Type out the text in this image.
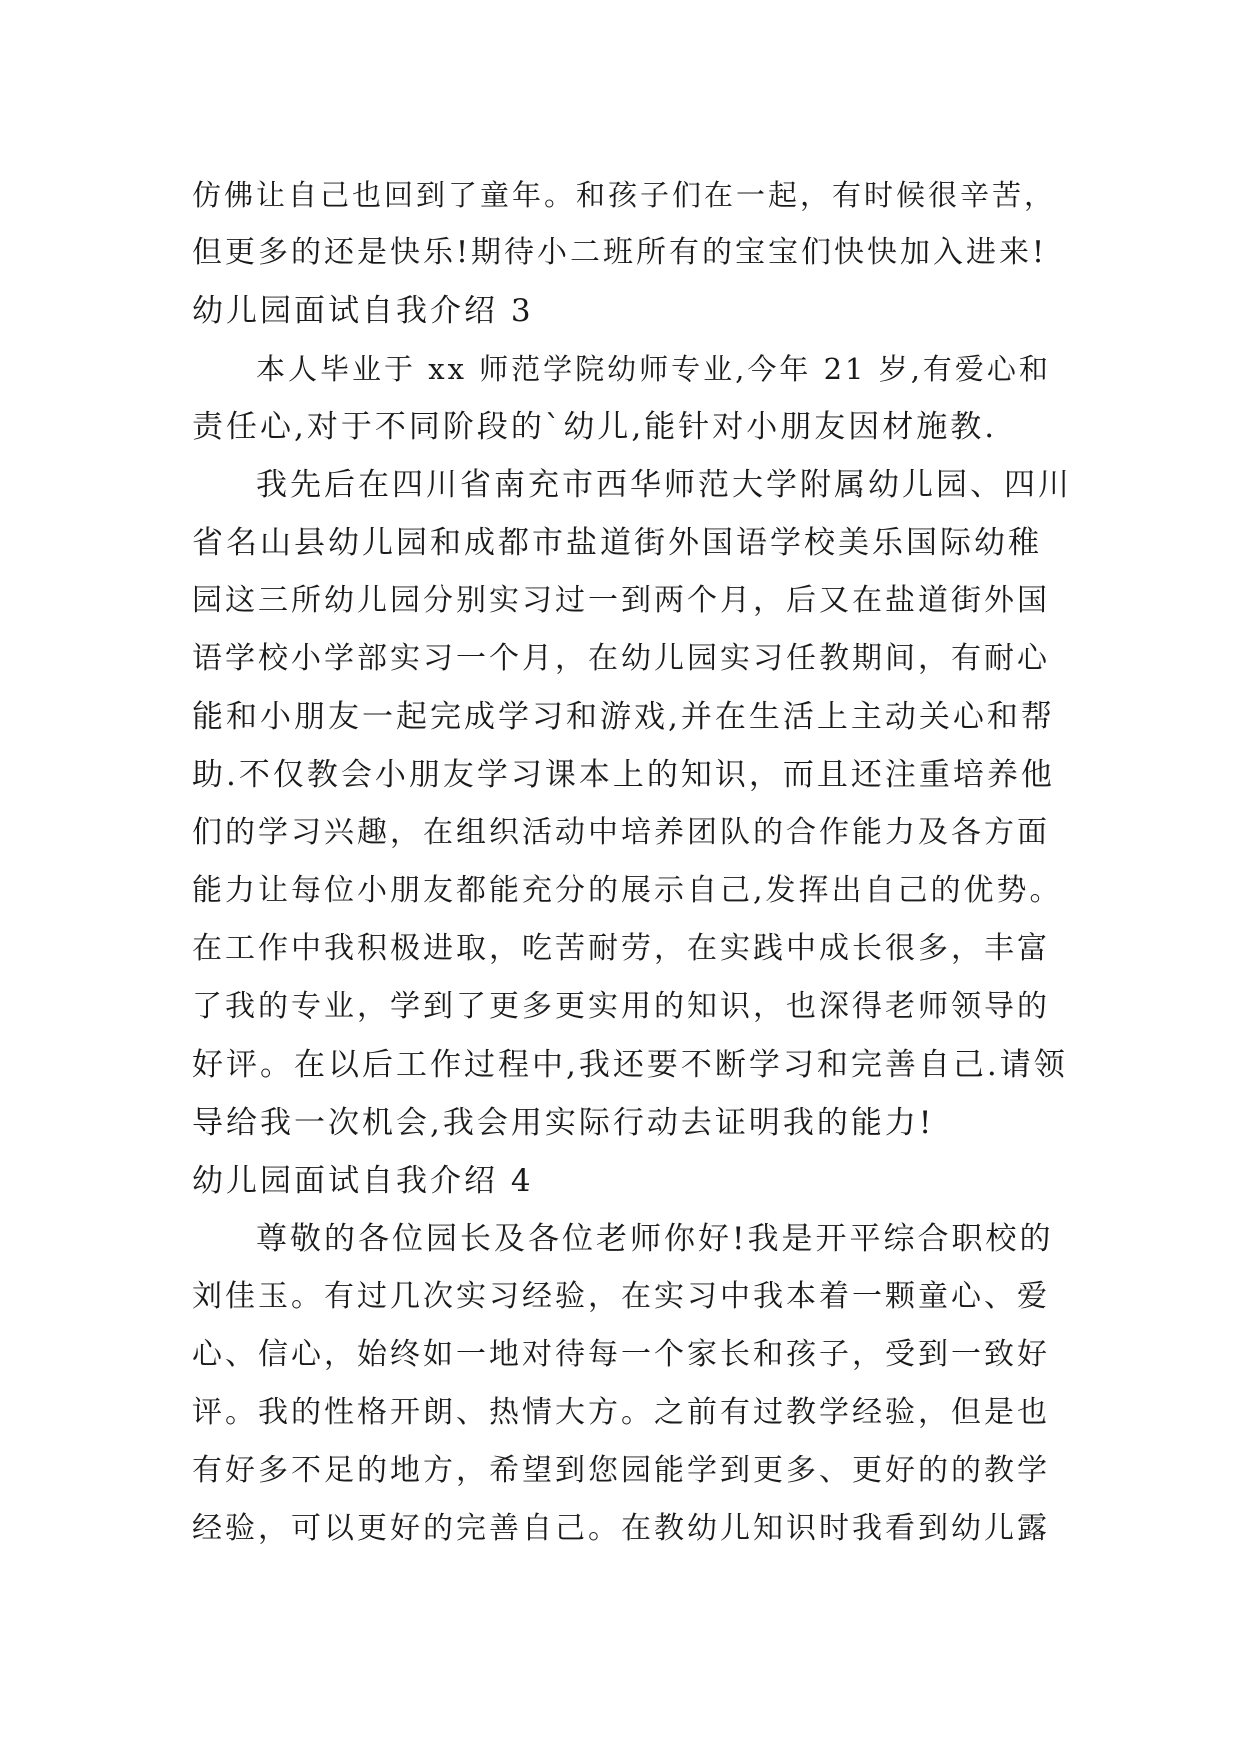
仿佛让自己也回到了童年。和孩子们在一起，有时候很辛苦，
但更多的还是快乐!期待小二班所有的宝宝们快快加入进来!
幼儿园面试自我介绍 3
本人毕业于 xx 师范学院幼师专业,今年 21 岁,有爱心和
责任心,对于不同阶段的`幼儿,能针对小朋友因材施教.
我先后在四川省南充市西华师范大学附属幼儿园、四川
省名山县幼儿园和成都市盐道街外国语学校美乐国际幼稚
园这三所幼儿园分别实习过一到两个月，后又在盐道街外国
语学校小学部实习一个月，在幼儿园实习任教期间，有耐心
能和小朋友一起完成学习和游戏,并在生活上主动关心和帮
助.不仅教会小朋友学习课本上的知识，而且还注重培养他
们的学习兴趣，在组织活动中培养团队的合作能力及各方面
能力让每位小朋友都能充分的展示自己,发挥出自己的优势。
在工作中我积极进取，吃苦耐劳，在实践中成长很多，丰富
了我的专业，学到了更多更实用的知识，也深得老师领导的
好评。在以后工作过程中,我还要不断学习和完善自己.请领
导给我一次机会,我会用实际行动去证明我的能力!
幼儿园面试自我介绍 4
尊敬的各位园长及各位老师你好!我是开平综合职校的
刘佳玉。有过几次实习经验，在实习中我本着一颗童心、爱
心、信心，始终如一地对待每一个家长和孩子，受到一致好
评。我的性格开朗、热情大方。之前有过教学经验，但是也
有好多不足的地方，希望到您园能学到更多、更好的的教学
经验，可以更好的完善自己。在教幼儿知识时我看到幼儿露
